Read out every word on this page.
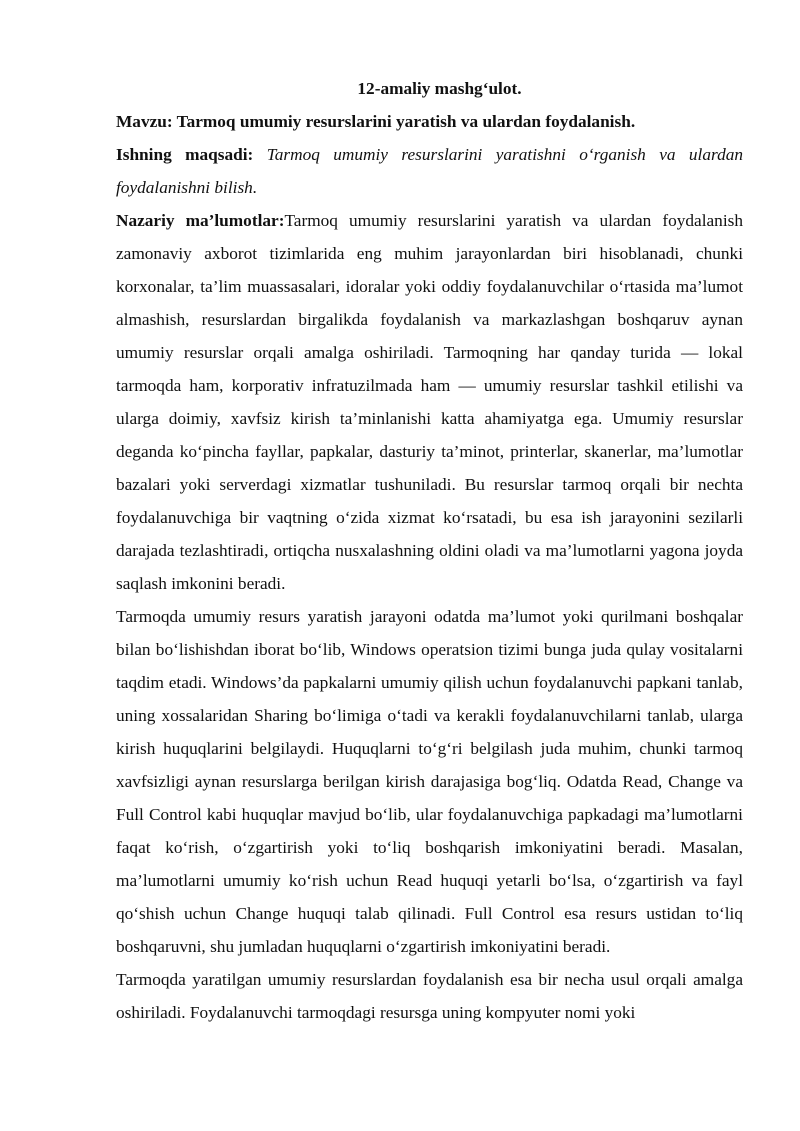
12-amaliy mashg‘ulot.

Mavzu: Tarmoq umumiy resurslarini yaratish va ulardan foydalanish.

Ishning maqsadi: Tarmoq umumiy resurslarini yaratishni o‘rganish va ulardan foydalanishni bilish.

Nazariy ma’lumotlar:Tarmoq umumiy resurslarini yaratish va ulardan foydalanish zamonaviy axborot tizimlarida eng muhim jarayonlardan biri hisoblanadi, chunki korxonalar, ta’lim muassasalari, idoralar yoki oddiy foydalanuvchilar o‘rtasida ma’lumot almashish, resurslardan birgalikda foydalanish va markazlashgan boshqaruv aynan umumiy resurslar orqali amalga oshiriladi. Tarmoqning har qanday turida — lokal tarmoqda ham, korporativ infratuzilmada ham — umumiy resurslar tashkil etilishi va ularga doimiy, xavfsiz kirish ta’minlanishi katta ahamiyatga ega. Umumiy resurslar deganda ko‘pincha fayllar, papkalar, dasturiy ta’minot, printerlar, skanerlar, ma’lumotlar bazalari yoki serverdagi xizmatlar tushuniladi. Bu resurslar tarmoq orqali bir nechta foydalanuvchiga bir vaqtning o‘zida xizmat ko‘rsatadi, bu esa ish jarayonini sezilarli darajada tezlashtiradi, ortiqcha nusxalashning oldini oladi va ma’lumotlarni yagona joyda saqlash imkonini beradi.

Tarmoqda umumiy resurs yaratish jarayoni odatda ma’lumot yoki qurilmani boshqalar bilan bo‘lishishdan iborat bo‘lib, Windows operatsion tizimi bunga juda qulay vositalarni taqdim etadi. Windows’da papkalarni umumiy qilish uchun foydalanuvchi papkani tanlab, uning xossalaridan Sharing bo‘limiga o‘tadi va kerakli foydalanuvchilarni tanlab, ularga kirish huquqlarini belgilaydi. Huquqlarni to‘g‘ri belgilash juda muhim, chunki tarmoq xavfsizligi aynan resurslarga berilgan kirish darajasiga bog‘liq. Odatda Read, Change va Full Control kabi huquqlar mavjud bo‘lib, ular foydalanuvchiga papkadagi ma’lumotlarni faqat ko‘rish, o‘zgartirish yoki to‘liq boshqarish imkoniyatini beradi. Masalan, ma’lumotlarni umumiy ko‘rish uchun Read huquqi yetarli bo‘lsa, o‘zgartirish va fayl qo‘shish uchun Change huquqi talab qilinadi. Full Control esa resurs ustidan to‘liq boshqaruvni, shu jumladan huquqlarni o‘zgartirish imkoniyatini beradi.

Tarmoqda yaratilgan umumiy resurslardan foydalanish esa bir necha usul orqali amalga oshiriladi. Foydalanuvchi tarmoqdagi resursga uning kompyuter nomi yoki
